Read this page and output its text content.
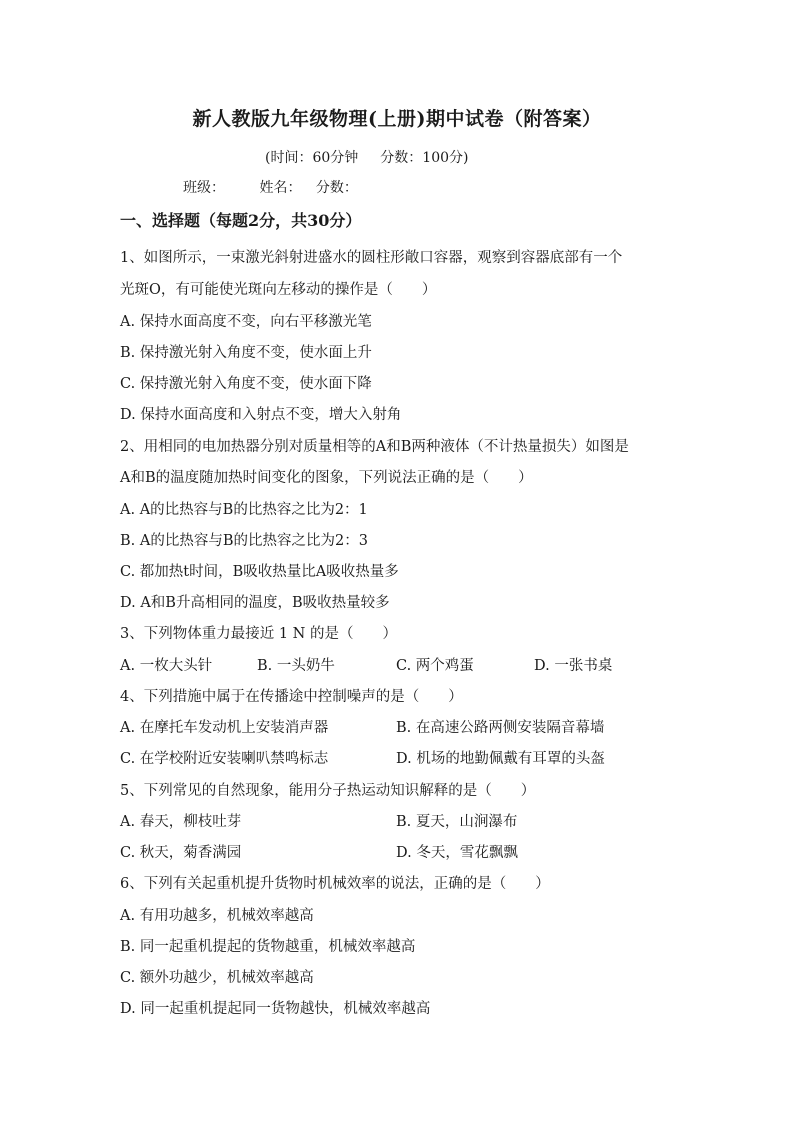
新人教版九年级物理(上册)期中试卷（附答案）
(时间：60分钟 分数：100分)
班级： 姓名： 分数：
一、选择题（每题2分，共30分）
1、如图所示，一束激光斜射进盛水的圆柱形敞口容器，观察到容器底部有一个
光斑O，有可能使光斑向左移动的操作是（　　）
A. 保持水面高度不变，向右平移激光笔
B. 保持激光射入角度不变，使水面上升
C. 保持激光射入角度不变，使水面下降
D. 保持水面高度和入射点不变，增大入射角
2、用相同的电加热器分别对质量相等的A和B两种液体（不计热量损失）如图是
A和B的温度随加热时间变化的图象，下列说法正确的是（　　）
A. A的比热容与B的比热容之比为2：1
B. A的比热容与B的比热容之比为2：3
C. 都加热t时间，B吸收热量比A吸收热量多
D. A和B升高相同的温度，B吸收热量较多
3、下列物体重力最接近 1 N 的是（　　）
A. 一枚大头针	B. 一头奶牛	C. 两个鸡蛋	D. 一张书桌
4、下列措施中属于在传播途中控制噪声的是（　　）
A. 在摩托车发动机上安装消声器	B. 在高速公路两侧安装隔音幕墙
C. 在学校附近安装喇叭禁鸣标志	D. 机场的地勤佩戴有耳罩的头盔
5、下列常见的自然现象，能用分子热运动知识解释的是（　　）
A. 春天，柳枝吐芽	B. 夏天，山涧瀑布
C. 秋天，菊香满园	D. 冬天，雪花飘飘
6、下列有关起重机提升货物时机械效率的说法，正确的是（　　）
A. 有用功越多，机械效率越高
B. 同一起重机提起的货物越重，机械效率越高
C. 额外功越少，机械效率越高
D. 同一起重机提起同一货物越快，机械效率越高
